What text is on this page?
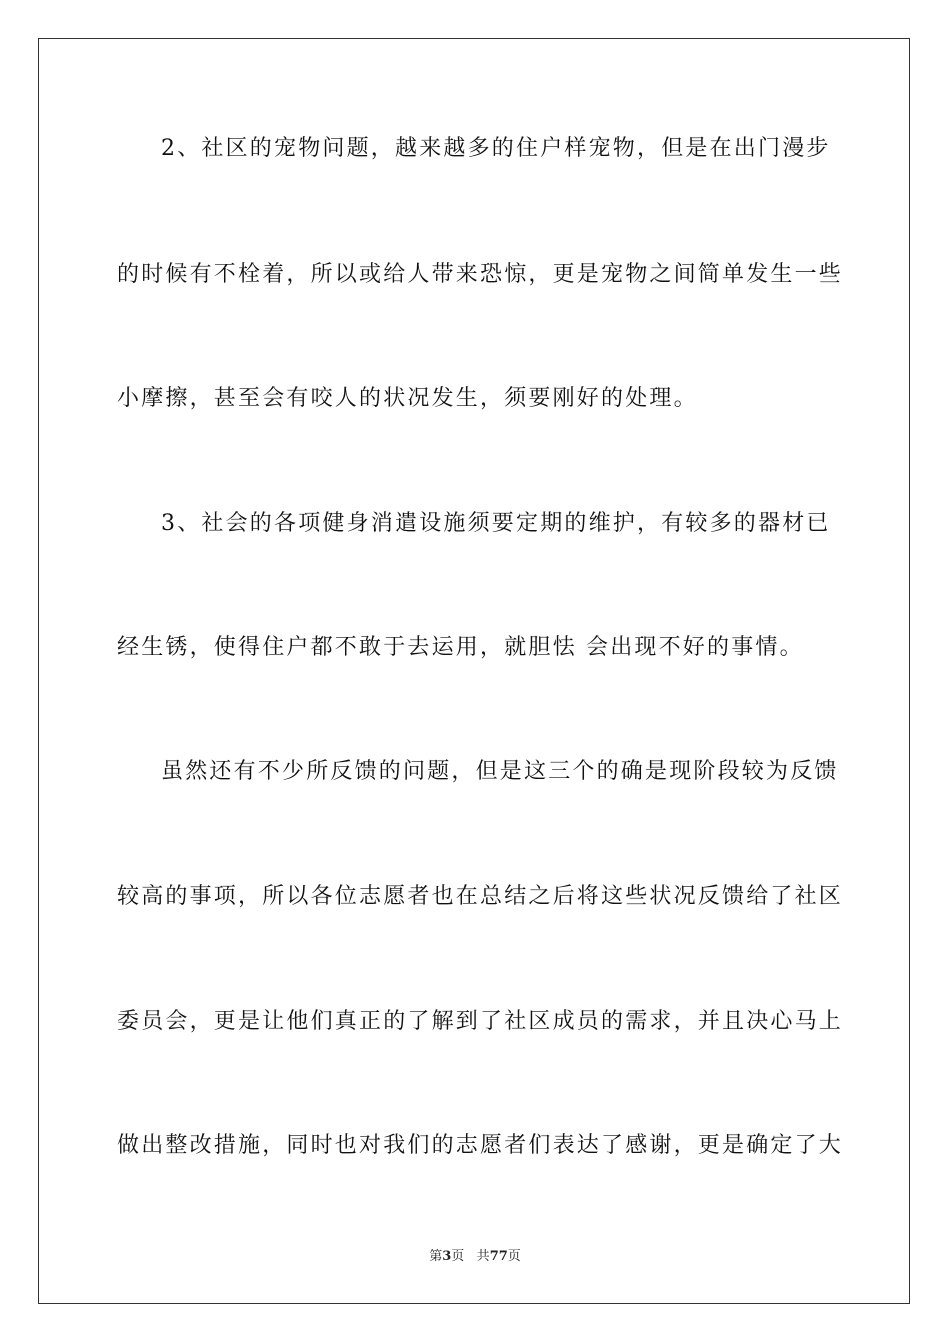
2、社区的宠物问题，越来越多的住户样宠物，但是在出门漫步
的时候有不栓着，所以或给人带来恐惊，更是宠物之间简单发生一些
小摩擦，甚至会有咬人的状况发生，须要刚好的处理。
3、社会的各项健身消遣设施须要定期的维护，有较多的器材已
经生锈，使得住户都不敢于去运用，就胆怯 会出现不好的事情。
虽然还有不少所反馈的问题，但是这三个的确是现阶段较为反馈
较高的事项，所以各位志愿者也在总结之后将这些状况反馈给了社区
委员会，更是让他们真正的了解到了社区成员的需求，并且决心马上
做出整改措施，同时也对我们的志愿者们表达了感谢，更是确定了大
第3页 共77页
